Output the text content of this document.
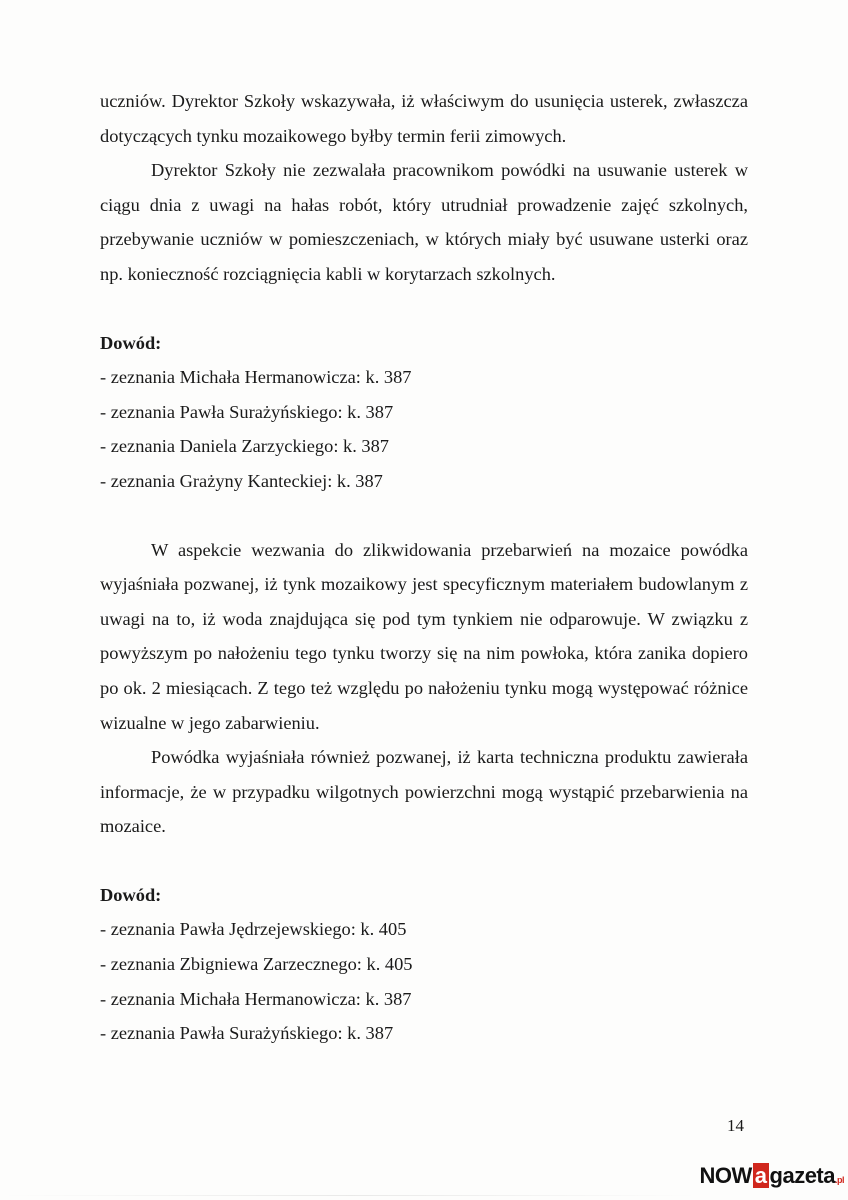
uczniów. Dyrektor Szkoły wskazywała, iż właściwym do usunięcia usterek, zwłaszcza dotyczących tynku mozaikowego byłby termin ferii zimowych.

Dyrektor Szkoły nie zezwalała pracownikom powódki na usuwanie usterek w ciągu dnia z uwagi na hałas robót, który utrudniał prowadzenie zajęć szkolnych, przebywanie uczniów w pomieszczeniach, w których miały być usuwane usterki oraz np. konieczność rozciągnięcia kabli w korytarzach szkolnych.

Dowód:

- zeznania Michała Hermanowicza: k. 387
- zeznania Pawła Surażyńskiego: k. 387
- zeznania Daniela Zarzyckiego: k. 387
- zeznania Grażyny Kanteckiej: k. 387

W aspekcie wezwania do zlikwidowania przebarwień na mozaice powódka wyjaśniała pozwanej, iż tynk mozaikowy jest specyficznym materiałem budowlanym z uwagi na to, iż woda znajdująca się pod tym tynkiem nie odparowuje. W związku z powyższym po nałożeniu tego tynku tworzy się na nim powłoka, która zanika dopiero po ok. 2 miesiącach. Z tego też względu po nałożeniu tynku mogą występować różnice wizualne w jego zabarwieniu.

Powódka wyjaśniała również pozwanej, iż karta techniczna produktu zawierała informacje, że w przypadku wilgotnych powierzchni mogą wystąpić przebarwienia na mozaice.

Dowód:

- zeznania Pawła Jędrzejewskiego: k. 405
- zeznania Zbigniewa Zarzecznego: k. 405
- zeznania Michała Hermanowicza: k. 387
- zeznania Pawła Surażyńskiego: k. 387
14
NOW a gazeta.pl
